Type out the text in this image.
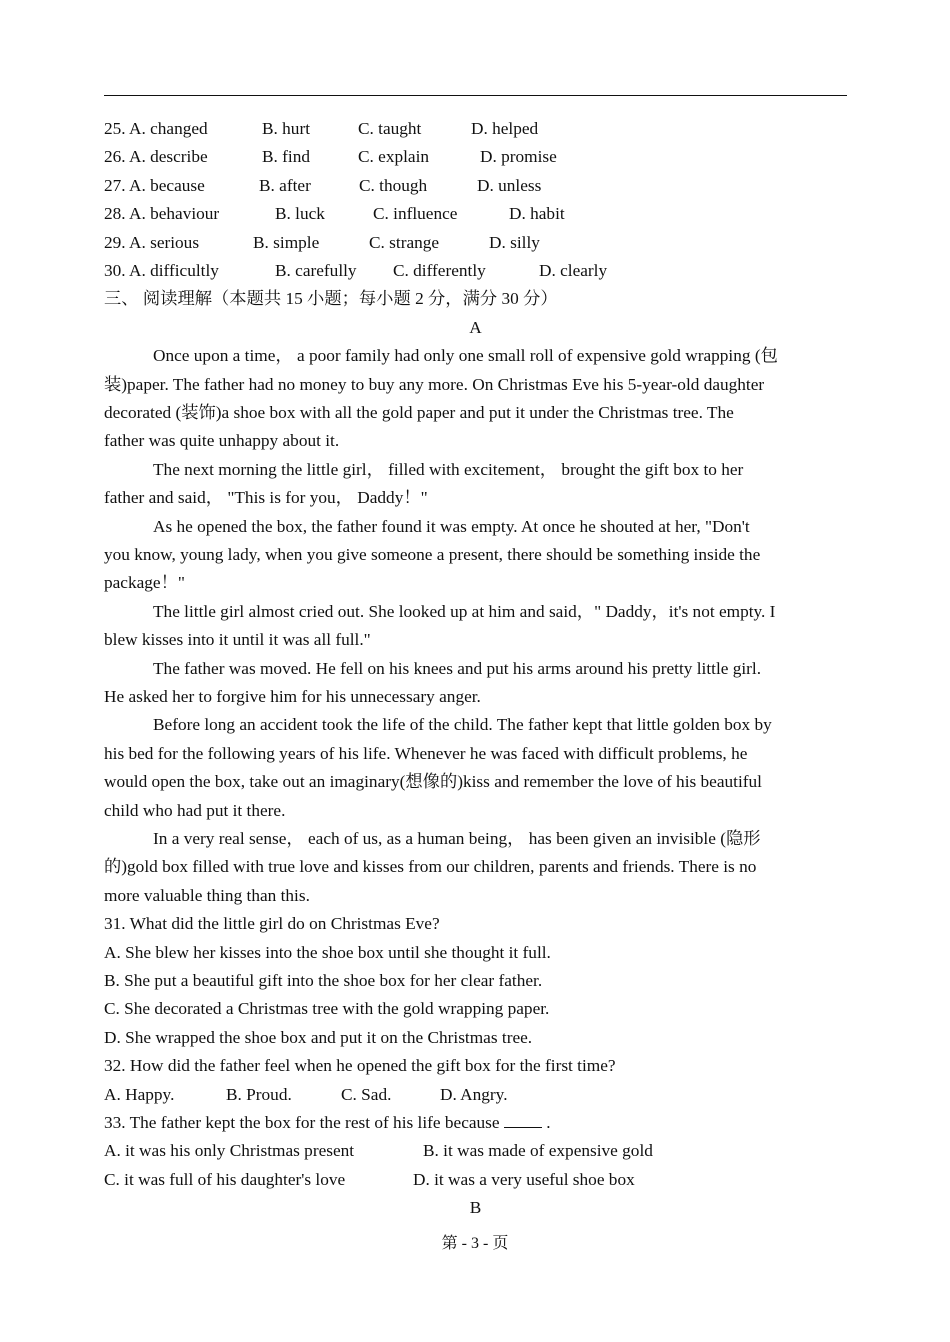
25. A. changed	B. hurt	C. taught	D. helped
26. A. describe	B. find	C. explain	D. promise
27. A. because	B. after	C. though	D. unless
28. A. behaviour	B. luck	C. influence	D. habit
29. A. serious	B. simple	C. strange	D. silly
30. A. difficultly	B. carefully C. differently	D. clearly
三、 阅读理解（本题共 15 小题；每小题 2 分，满分 30 分）
A
Once upon a time， a poor family had only one small roll of expensive gold wrapping (包
装)paper. The father had no money to buy any more. On Christmas Eve his 5-year-old daughter
decorated (装饰)a shoe box with all the gold paper and put it under the Christmas tree. The
father was quite unhappy about it.
The next morning the little girl， filled with excitement， brought the gift box to her
father and said， "This is for you， Daddy！"
As he opened the box, the father found it was empty. At once he shouted at her, "Don't
you know, young lady, when you give someone a present, there should be something inside the
package！"
The little girl almost cried out. She looked up at him and said，" Daddy，it's not empty. I
blew kisses into it until it was all full."
The father was moved. He fell on his knees and put his arms around his pretty little girl.
He asked her to forgive him for his unnecessary anger.
Before long an accident took the life of the child. The father kept that little golden box by
his bed for the following years of his life. Whenever he was faced with difficult problems, he
would open the box, take out an imaginary(想像的)kiss and remember the love of his beautiful
child who had put it there.
In a very real sense， each of us, as a human being， has been given an invisible (隐形
的)gold box filled with true love and kisses from our children, parents and friends. There is no
more valuable thing than this.
31. What did the little girl do on Christmas Eve?
A. She blew her kisses into the shoe box until she thought it full.
B. She put a beautiful gift into the shoe box for her clear father.
C. She decorated a Christmas tree with the gold wrapping paper.
D. She wrapped the shoe box and put it on the Christmas tree.
32. How did the father feel when he opened the gift box for the first time?
A. Happy.	B. Proud.	C. Sad.	D. Angry.
33. The father kept the box for the rest of his life because	.
A. it was his only Christmas present	B. it was made of expensive gold
C. it was full of his daughter's love	D. it was a very useful shoe box
B
第 - 3 - 页
